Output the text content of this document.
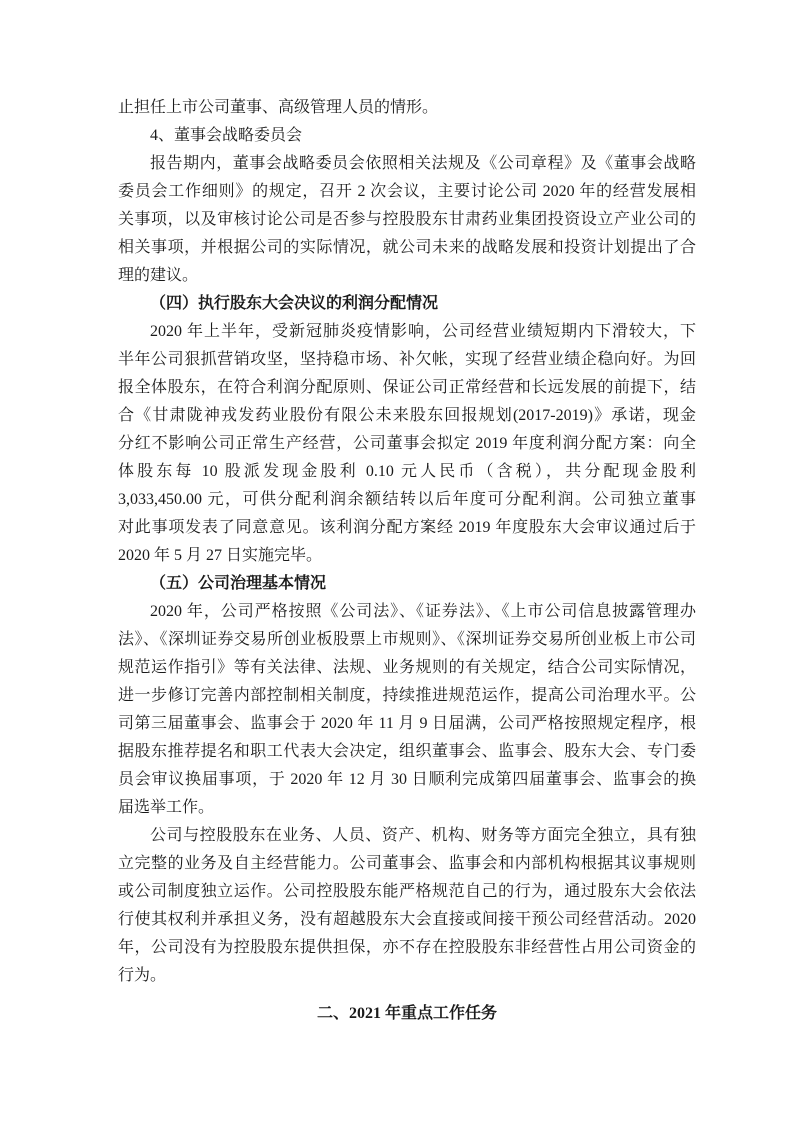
止担任上市公司董事、高级管理人员的情形。
4、董事会战略委员会
报告期内，董事会战略委员会依照相关法规及《公司章程》及《董事会战略
委员会工作细则》的规定，召开 2 次会议，主要讨论公司 2020 年的经营发展相
关事项，以及审核讨论公司是否参与控股股东甘肃药业集团投资设立产业公司的
相关事项，并根据公司的实际情况，就公司未来的战略发展和投资计划提出了合
理的建议。
（四）执行股东大会决议的利润分配情况
2020 年上半年，受新冠肺炎疫情影响，公司经营业绩短期内下滑较大，下
半年公司狠抓营销攻坚，坚持稳市场、补欠帐，实现了经营业绩企稳向好。为回
报全体股东，在符合利润分配原则、保证公司正常经营和长远发展的前提下，结
合《甘肃陇神戎发药业股份有限公未来股东回报规划(2017-2019)》承诺，现金
分红不影响公司正常生产经营，公司董事会拟定 2019 年度利润分配方案：向全
体股东每 10 股派发现金股利 0.10 元人民币（含税），共分配现金股利
3,033,450.00 元，可供分配利润余额结转以后年度可分配利润。公司独立董事
对此事项发表了同意意见。该利润分配方案经 2019 年度股东大会审议通过后于
2020 年 5 月 27 日实施完毕。
（五）公司治理基本情况
2020 年，公司严格按照《公司法》、《证券法》、《上市公司信息披露管理办
法》、《深圳证券交易所创业板股票上市规则》、《深圳证券交易所创业板上市公司
规范运作指引》等有关法律、法规、业务规则的有关规定，结合公司实际情况，
进一步修订完善内部控制相关制度，持续推进规范运作，提高公司治理水平。公
司第三届董事会、监事会于 2020 年 11 月 9 日届满，公司严格按照规定程序，根
据股东推荐提名和职工代表大会决定，组织董事会、监事会、股东大会、专门委
员会审议换届事项，于 2020 年 12 月 30 日顺利完成第四届董事会、监事会的换
届选举工作。
公司与控股股东在业务、人员、资产、机构、财务等方面完全独立，具有独
立完整的业务及自主经营能力。公司董事会、监事会和内部机构根据其议事规则
或公司制度独立运作。公司控股股东能严格规范自己的行为，通过股东大会依法
行使其权利并承担义务，没有超越股东大会直接或间接干预公司经营活动。2020
年，公司没有为控股股东提供担保，亦不存在控股股东非经营性占用公司资金的
行为。
二、2021 年重点工作任务
